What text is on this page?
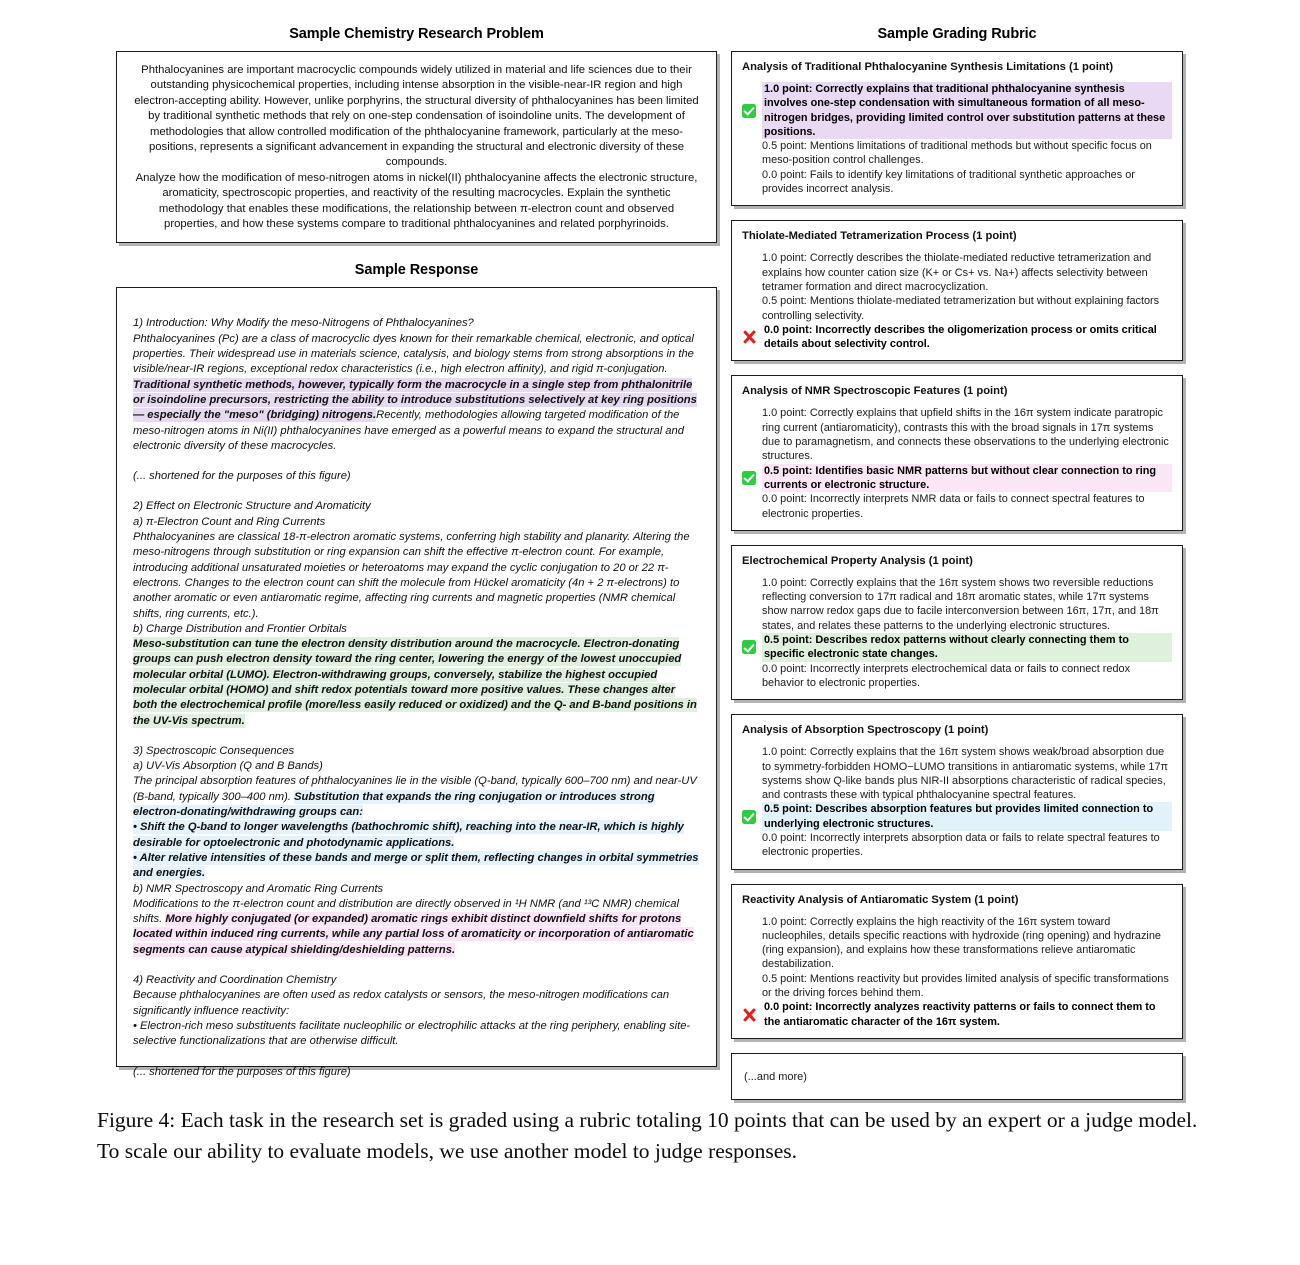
Sample Chemistry Research Problem

Phthalocyanines are important macrocyclic compounds widely utilized in material and life sciences due to their outstanding physicochemical properties, including intense absorption in the visible-near-IR region and high electron-accepting ability. However, unlike porphyrins, the structural diversity of phthalocyanines has been limited by traditional synthetic methods that rely on one-step condensation of isoindoline units. The development of methodologies that allow controlled modification of the phthalocyanine framework, particularly at the meso-positions, represents a significant advancement in expanding the structural and electronic diversity of these compounds.
Analyze how the modification of meso-nitrogen atoms in nickel(II) phthalocyanine affects the electronic structure, aromaticity, spectroscopic properties, and reactivity of the resulting macrocycles. Explain the synthetic methodology that enables these modifications, the relationship between π-electron count and observed properties, and how these systems compare to traditional phthalocyanines and related porphyrinoids.

Sample Response
1) Introduction: Why Modify the meso-Nitrogens of Phthalocyanines?
Phthalocyanines (Pc) are a class of macrocyclic dyes known for their remarkable chemical, electronic, and optical properties. Their widespread use in materials science, catalysis, and biology stems from strong absorptions in the visible/near-IR regions, exceptional redox characteristics (i.e., high electron affinity), and rigid π-conjugation. Traditional synthetic methods, however, typically form the macrocycle in a single step from phthalonitrile or isoindoline precursors, restricting the ability to introduce substitutions selectively at key ring positions — especially the "meso" (bridging) nitrogens.Recently, methodologies allowing targeted modification of the meso-nitrogen atoms in Ni(II) phthalocyanines have emerged as a powerful means to expand the structural and electronic diversity of these macrocycles.
(... shortened for the purposes of this figure)
2) Effect on Electronic Structure and Aromaticity
a) π-Electron Count and Ring Currents
Phthalocyanines are classical 18-π-electron aromatic systems, conferring high stability and planarity. Altering the meso-nitrogens through substitution or ring expansion can shift the effective π-electron count. For example, introducing additional unsaturated moieties or heteroatoms may expand the cyclic conjugation to 20 or 22 π-electrons. Changes to the electron count can shift the molecule from Hückel aromaticity (4n + 2 π-electrons) to another aromatic or even antiaromatic regime, affecting ring currents and magnetic properties (NMR chemical shifts, ring currents, etc.).
b) Charge Distribution and Frontier Orbitals
Meso-substitution can tune the electron density distribution around the macrocycle. Electron-donating groups can push electron density toward the ring center, lowering the energy of the lowest unoccupied molecular orbital (LUMO). Electron-withdrawing groups, conversely, stabilize the highest occupied molecular orbital (HOMO) and shift redox potentials toward more positive values. These changes alter both the electrochemical profile (more/less easily reduced or oxidized) and the Q- and B-band positions in the UV-Vis spectrum.
3) Spectroscopic Consequences
a) UV-Vis Absorption (Q and B Bands)
The principal absorption features of phthalocyanines lie in the visible (Q-band, typically 600–700 nm) and near-UV (B-band, typically 300–400 nm). Substitution that expands the ring conjugation or introduces strong electron-donating/withdrawing groups can:
• Shift the Q-band to longer wavelengths (bathochromic shift), reaching into the near-IR, which is highly desirable for optoelectronic and photodynamic applications.
• Alter relative intensities of these bands and merge or split them, reflecting changes in orbital symmetries and energies.
b) NMR Spectroscopy and Aromatic Ring Currents
Modifications to the π-electron count and distribution are directly observed in ¹H NMR (and ¹³C NMR) chemical shifts. More highly conjugated (or expanded) aromatic rings exhibit distinct downfield shifts for protons located within induced ring currents, while any partial loss of aromaticity or incorporation of antiaromatic segments can cause atypical shielding/deshielding patterns.
4) Reactivity and Coordination Chemistry
Because phthalocyanines are often used as redox catalysts or sensors, the meso-nitrogen modifications can significantly influence reactivity:
• Electron-rich meso substituents facilitate nucleophilic or electrophilic attacks at the ring periphery, enabling site-selective functionalizations that are otherwise difficult.
(... shortened for the purposes of this figure)
Sample Grading Rubric
Analysis of Traditional Phthalocyanine Synthesis Limitations (1 point)
1.0 point: Correctly explains that traditional phthalocyanine synthesis involves one-step condensation with simultaneous formation of all meso-nitrogen bridges, providing limited control over substitution patterns at these positions.
0.5 point: Mentions limitations of traditional methods but without specific focus on meso-position control challenges.
0.0 point: Fails to identify key limitations of traditional synthetic approaches or provides incorrect analysis.
Thiolate-Mediated Tetramerization Process (1 point)
1.0 point: Correctly describes the thiolate-mediated reductive tetramerization and explains how counter cation size (K+ or Cs+ vs. Na+) affects selectivity between tetramer formation and direct macrocyclization.
0.5 point: Mentions thiolate-mediated tetramerization but without explaining factors controlling selectivity.
0.0 point: Incorrectly describes the oligomerization process or omits critical details about selectivity control.
Analysis of NMR Spectroscopic Features (1 point)
1.0 point: Correctly explains that upfield shifts in the 16π system indicate paratropic ring current (antiaromaticity), contrasts this with the broad signals in 17π systems due to paramagnetism, and connects these observations to the underlying electronic structures.
0.5 point: Identifies basic NMR patterns but without clear connection to ring currents or electronic structure.
0.0 point: Incorrectly interprets NMR data or fails to connect spectral features to electronic properties.
Electrochemical Property Analysis (1 point)
1.0 point: Correctly explains that the 16π system shows two reversible reductions reflecting conversion to 17π radical and 18π aromatic states, while 17π systems show narrow redox gaps due to facile interconversion between 16π, 17π, and 18π states, and relates these patterns to the underlying electronic structures.
0.5 point: Describes redox patterns without clearly connecting them to specific electronic state changes.
0.0 point: Incorrectly interprets electrochemical data or fails to connect redox behavior to electronic properties.
Analysis of Absorption Spectroscopy (1 point)
1.0 point: Correctly explains that the 16π system shows weak/broad absorption due to symmetry-forbidden HOMO−LUMO transitions in antiaromatic systems, while 17π systems show Q-like bands plus NIR-II absorptions characteristic of radical species, and contrasts these with typical phthalocyanine spectral features.
0.5 point: Describes absorption features but provides limited connection to underlying electronic structures.
0.0 point: Incorrectly interprets absorption data or fails to relate spectral features to electronic properties.
Reactivity Analysis of Antiaromatic System (1 point)
1.0 point: Correctly explains the high reactivity of the 16π system toward nucleophiles, details specific reactions with hydroxide (ring opening) and hydrazine (ring expansion), and explains how these transformations relieve antiaromatic destabilization.
0.5 point: Mentions reactivity but provides limited analysis of specific transformations or the driving forces behind them.
0.0 point: Incorrectly analyzes reactivity patterns or fails to connect them to the antiaromatic character of the 16π system.
(...and more)
Figure 4: Each task in the research set is graded using a rubric totaling 10 points that can be used by an expert or a judge model. To scale our ability to evaluate models, we use another model to judge responses.
